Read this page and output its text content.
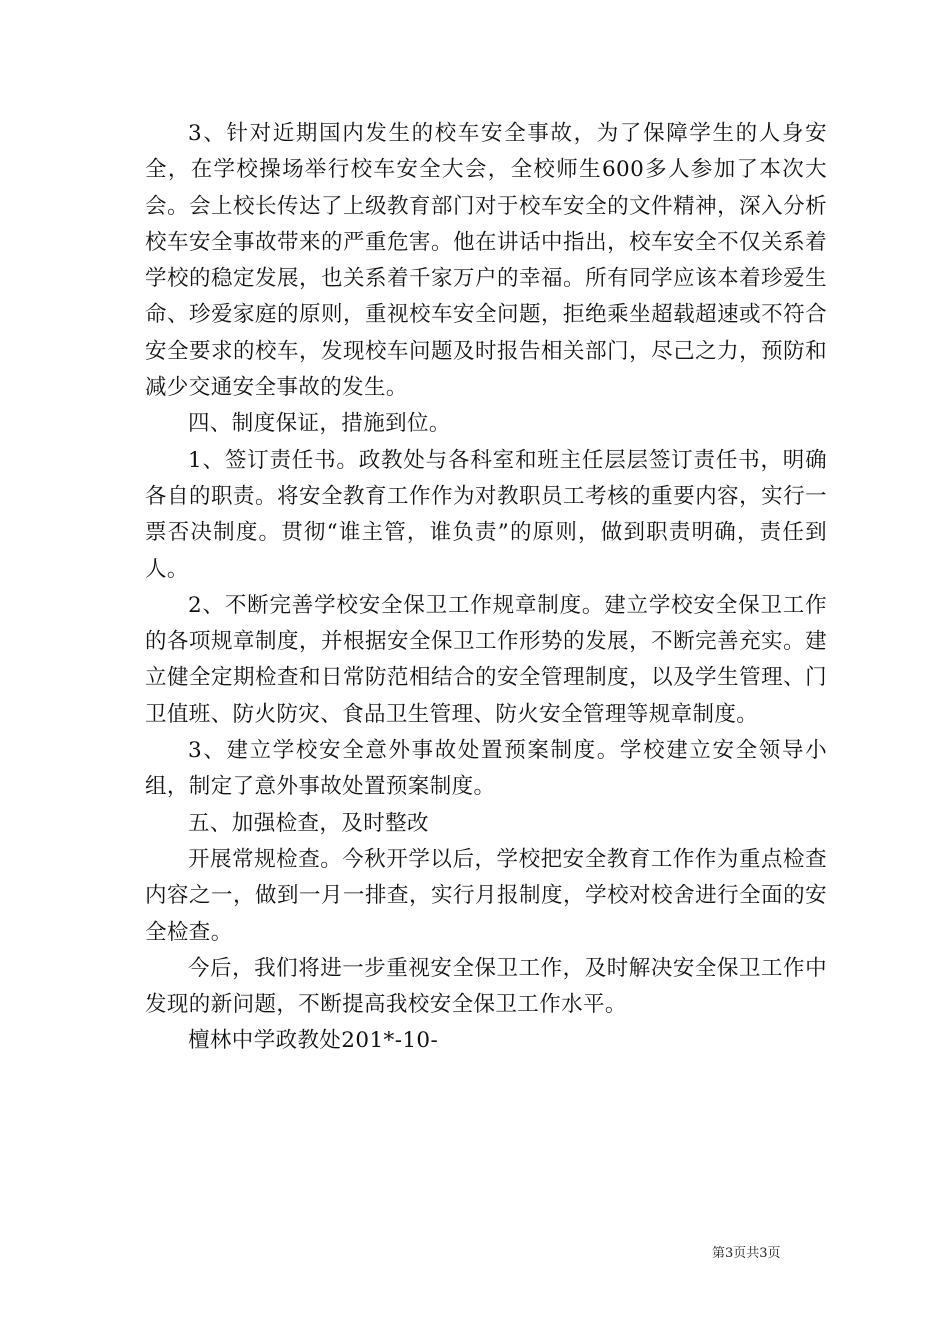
3、针对近期国内发生的校车安全事故，为了保障学生的人身安全，在学校操场举行校车安全大会，全校师生600多人参加了本次大会。会上校长传达了上级教育部门对于校车安全的文件精神，深入分析校车安全事故带来的严重危害。他在讲话中指出，校车安全不仅关系着学校的稳定发展，也关系着千家万户的幸福。所有同学应该本着珍爱生命、珍爱家庭的原则，重视校车安全问题，拒绝乘坐超载超速或不符合安全要求的校车，发现校车问题及时报告相关部门，尽己之力，预防和减少交通安全事故的发生。

四、制度保证，措施到位。

1、签订责任书。政教处与各科室和班主任层层签订责任书，明确各自的职责。将安全教育工作作为对教职员工考核的重要内容，实行一票否决制度。贯彻“谁主管，谁负责”的原则，做到职责明确，责任到人。

2、不断完善学校安全保卫工作规章制度。建立学校安全保卫工作的各项规章制度，并根据安全保卫工作形势的发展，不断完善充实。建立健全定期检查和日常防范相结合的安全管理制度，以及学生管理、门卫值班、防火防灾、食品卫生管理、防火安全管理等规章制度。

3、建立学校安全意外事故处置预案制度。学校建立安全领导小组，制定了意外事故处置预案制度。

五、加强检查，及时整改

开展常规检查。今秋开学以后，学校把安全教育工作作为重点检查内容之一，做到一月一排查，实行月报制度，学校对校舍进行全面的安全检查。

今后，我们将进一步重视安全保卫工作，及时解决安全保卫工作中发现的新问题，不断提高我校安全保卫工作水平。

檀林中学政教处201*-10-

第3页共3页
